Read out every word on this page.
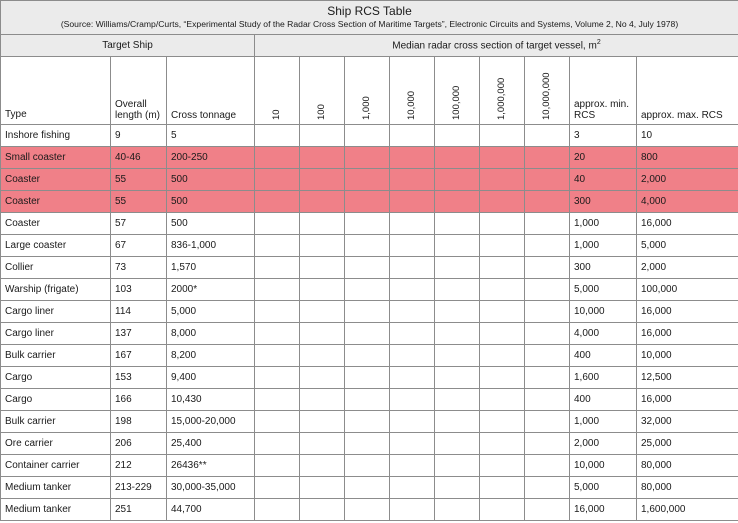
Ship RCS Table
(Source: Williams/Cramp/Curts, “Experimental Study of the Radar Cross Section of Maritime Targets”, Electronic Circuits and Systems, Volume 2, No 4, July 1978)											

Target Ship			Median radar cross section of target vessel, $m^2$
Type	Overall length (m)	Cross tonnage	10	100	1,000	10,000	100,000	1,000,000	10,000,000	approx. min. RCS	approx. max. RCS
Inshore fishing	9	5								3	10
Small coaster	40-46	200-250								20	800
Coaster	55	500								40	2,000
Coaster	55	500								300	4,000
Coaster	57	500								1,000	16,000
Large coaster	67	836-1,000								1,000	5,000
Collier	73	1,570								300	2,000
Warship (frigate)	103	2000*								5,000	100,000
Cargo liner	114	5,000								10,000	16,000
Cargo liner	137	8,000								4,000	16,000
Bulk carrier	167	8,200								400	10,000
Cargo	153	9,400								1,600	12,500
Cargo	166	10,430								400	16,000
Bulk carrier	198	15,000-20,000								1,000	32,000
Ore carrier	206	25,400								2,000	25,000
Container carrier	212	26436**								10,000	80,000
Medium tanker	213-229	30,000-35,000								5,000	80,000
Medium tanker	251	44,700								16,000	1,600,000
